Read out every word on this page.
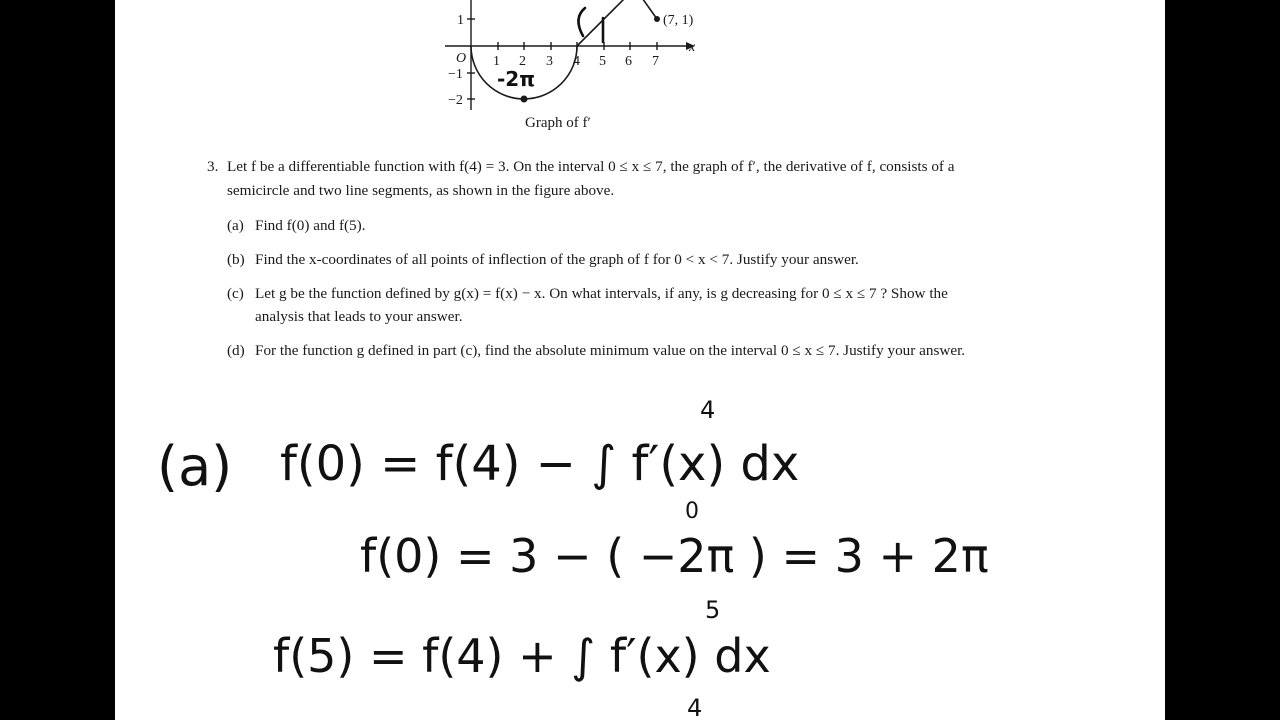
O
x
1 2 3 4 5 6 7
1
−1
−2
(7, 1)
Graph of f′
-2π
3. Let f be a differentiable function with f(4) = 3. On the interval 0 ≤ x ≤ 7, the graph of f′, the derivative of f, consists of a semicircle and two line segments, as shown in the figure above.
(a) Find f(0) and f(5).
(b) Find the x-coordinates of all points of inflection of the graph of f for 0 < x < 7. Justify your answer.
(c) Let g be the function defined by g(x) = f(x) − x. On what intervals, if any, is g decreasing for 0 ≤ x ≤ 7 ? Show the analysis that leads to your answer.
(d) For the function g defined in part (c), find the absolute minimum value on the interval 0 ≤ x ≤ 7. Justify your answer.
(a) f(0) = f(4) − ∫ f′(x) dx
4
0
f(0) = 3 − ( −2π ) = 3 + 2π
f(5) = f(4) + ∫ f′(x) dx
5
4
